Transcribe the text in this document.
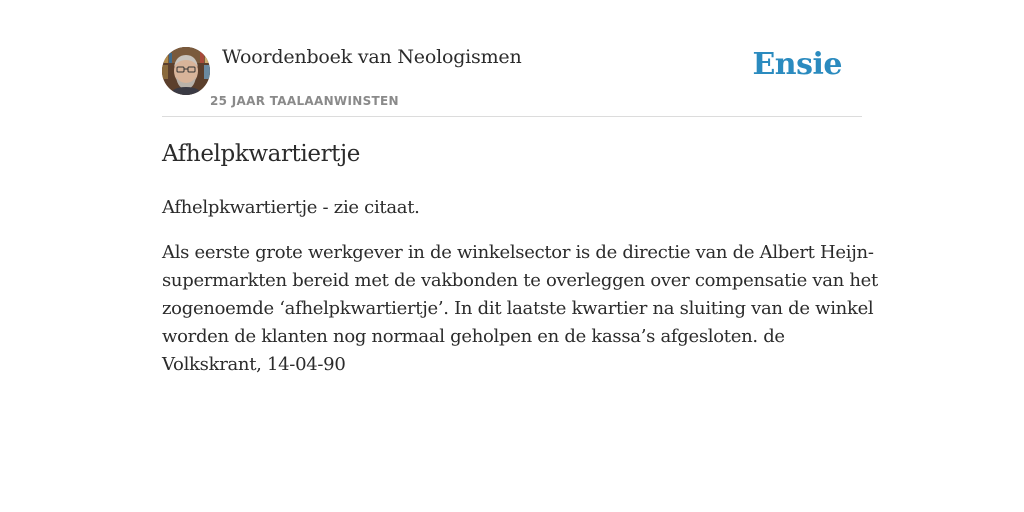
Woordenboek van Neologismen
25 JAAR TAALAANWINSTEN
Ensie
Afhelpkwartiertje

Afhelpkwartiertje - zie citaat.

Als eerste grote werkgever in de winkelsector is de directie van de Albert Heijn-
supermarkten bereid met de vakbonden te overleggen over compensatie van het
zogenoemde ‘afhelpkwartiertje’. In dit laatste kwartier na sluiting van de winkel
worden de klanten nog normaal geholpen en de kassa’s afgesloten. de
Volkskrant, 14-04-90
